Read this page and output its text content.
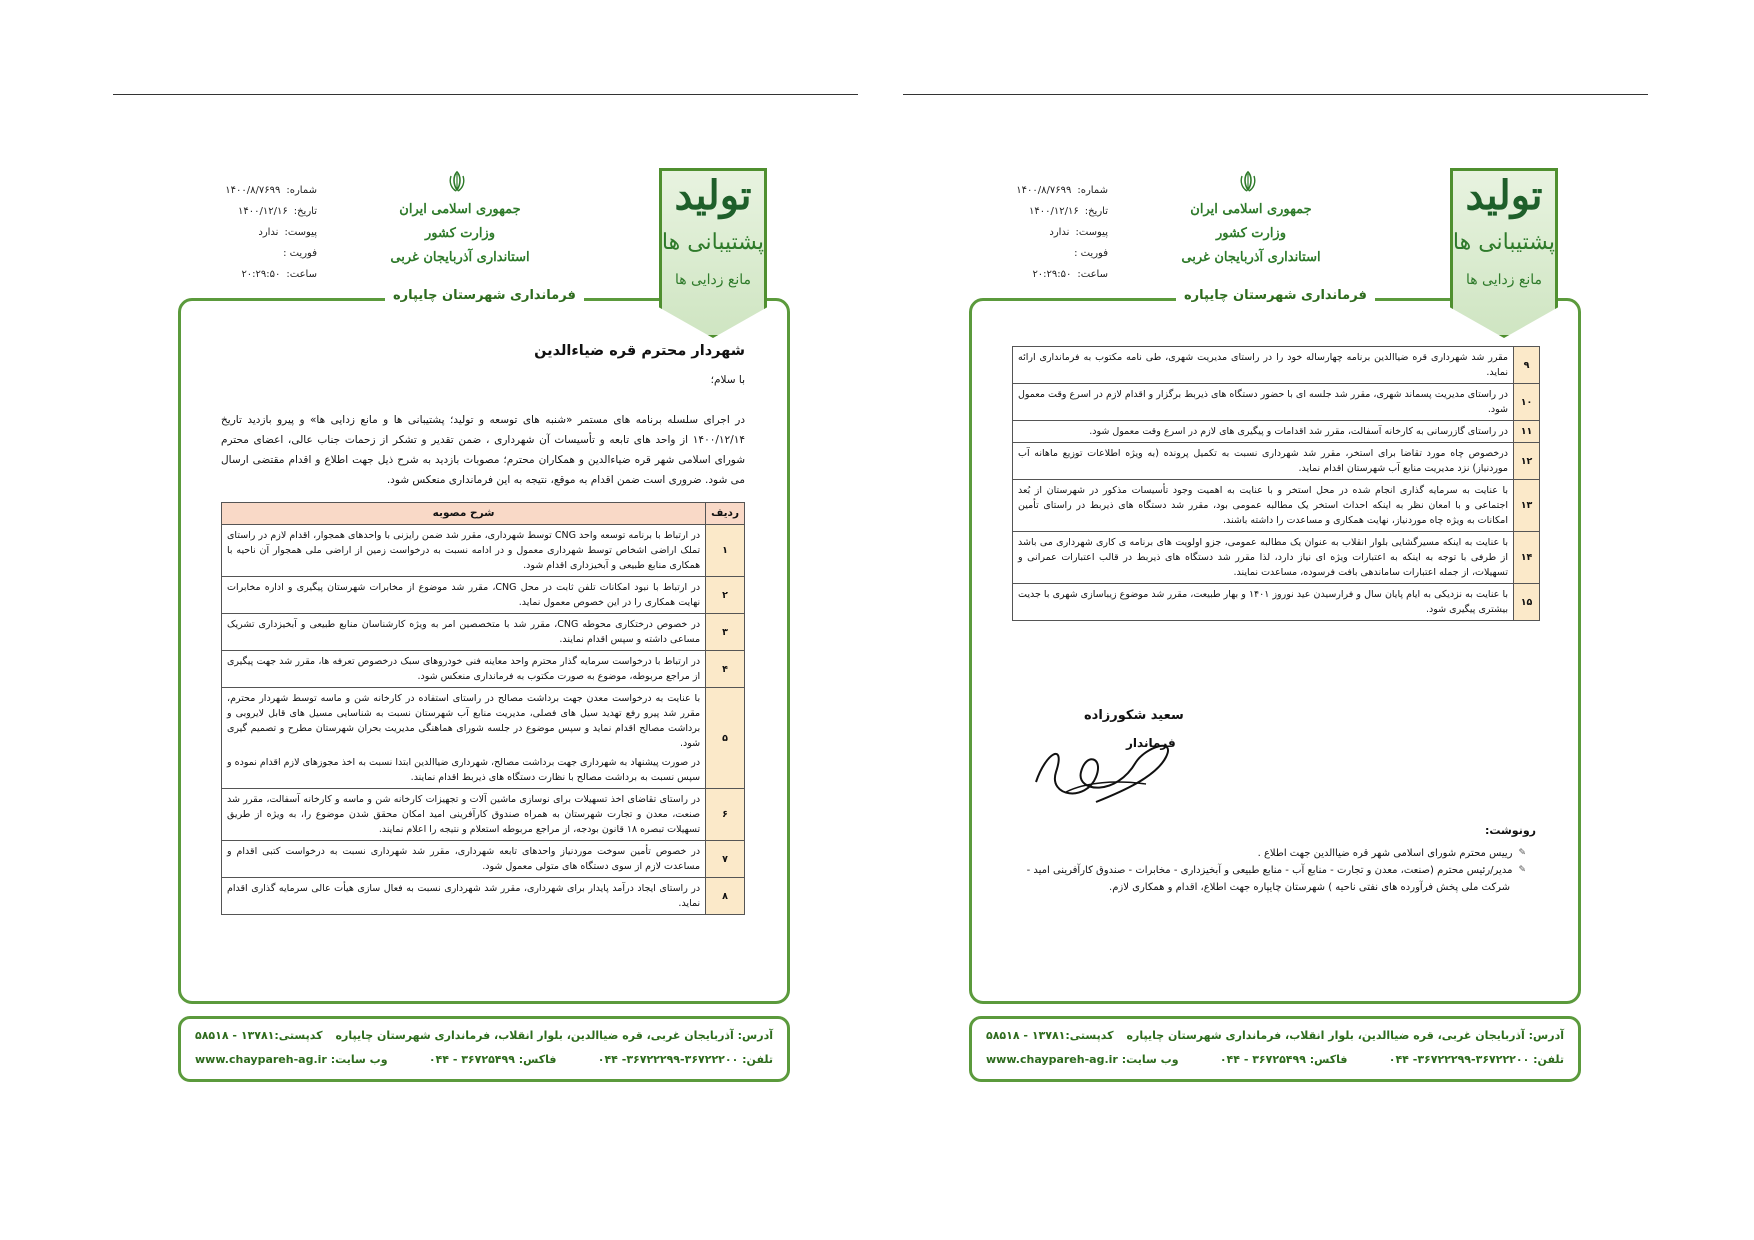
فرمانداری شهرستان چایپاره
تولید
پشتیبانی ها
مانع زدایی ها
جمهوری اسلامی ایران
وزارت کشور
استانداری آذربایجان غربی
شماره:
۱۴۰۰/۸/۷۶۹۹
تاریخ:
۱۴۰۰/۱۲/۱۶
پیوست:
ندارد
فوریت :
ساعت:
۲۰:۲۹:۵۰
شهردار محترم قره ضیاءالدین
با سلام؛
در اجرای سلسله برنامه های مستمر «شنبه های توسعه و تولید؛ پشتیبانی ها و مانع زدایی ها» و پیرو بازدید تاریخ ۱۴۰۰/۱۲/۱۴ از واحد های تابعه و تأسیسات آن شهرداری ، ضمن تقدیر و تشکر از زحمات جناب عالی، اعضای محترم شورای اسلامی شهر قره ضیاءالدین و همکاران محترم؛ مصوبات بازدید به شرح ذیل جهت اطلاع و اقدام مقتضی ارسال می شود. ضروری است ضمن اقدام به موقع، نتیجه به این فرمانداری منعکس شود.
ردیف	شرح مصوبه
۱	در ارتباط با برنامه توسعه واحد CNG توسط شهرداری، مقرر شد ضمن رایزنی با واحدهای همجوار، اقدام لازم در راستای تملک اراضی اشخاص توسط شهرداری معمول و در ادامه نسبت به درخواست زمین از اراضی ملی همجوار آن ناحیه با همکاری منابع طبیعی و آبخیزداری اقدام شود.
۲	در ارتباط با نبود امکانات تلفن ثابت در محل CNG، مقرر شد موضوع از مخابرات شهرستان پیگیری و اداره مخابرات نهایت همکاری را در این خصوص معمول نماید.
۳	در خصوص درختکاری محوطه CNG، مقرر شد با متخصصین امر به ویژه کارشناسان منابع طبیعی و آبخیزداری تشریک مساعی داشته و سپس اقدام نمایند.
۴	در ارتباط با درخواست سرمایه گذار محترم واحد معاینه فنی خودروهای سبک درخصوص تعرفه ها، مقرر شد جهت پیگیری از مراجع مربوطه، موضوع به صورت مکتوب به فرمانداری منعکس شود.
۵	با عنایت به درخواست معدن جهت برداشت مصالح در راستای استفاده در کارخانه شن و ماسه توسط شهردار محترم، مقرر شد پیرو رفع تهدید سیل های فصلی، مدیریت منابع آب شهرستان نسبت به شناسایی مسیل های قابل لایروبی و برداشت مصالح اقدام نماید و سپس موضوع در جلسه شورای هماهنگی مدیریت بحران شهرستان مطرح و تصمیم گیری شود.
در صورت پیشنهاد به شهرداری جهت برداشت مصالح، شهرداری ضیاالدین ابتدا نسبت به اخذ مجوزهای لازم اقدام نموده و سپس نسبت به برداشت مصالح با نظارت دستگاه های ذیربط اقدام نمایند.

۶	در راستای تقاضای اخذ تسهیلات برای نوسازی ماشین آلات و تجهیزات کارخانه شن و ماسه و کارخانه آسفالت، مقرر شد صنعت، معدن و تجارت شهرستان به همراه صندوق کارآفرینی امید امکان محقق شدن موضوع را، به ویژه از طریق تسهیلات تبصره ۱۸ قانون بودجه، از مراجع مربوطه استعلام و نتیجه را اعلام نمایند.
۷	در خصوص تأمین سوخت موردنیاز واحدهای تابعه شهرداری، مقرر شد شهرداری نسبت به درخواست کتبی اقدام و مساعدت لازم از سوی دستگاه های متولی معمول شود.
۸	در راستای ایجاد درآمد پایدار برای شهرداری، مقرر شد شهرداری نسبت به فعال سازی هیأت عالی سرمایه گذاری اقدام نماید.
آدرس: آذربایجان غربی، قره ضیاالدین، بلوار انقلاب، فرمانداری شهرستان چایپاره
کدپستی:۱۳۷۸۱ - ۵۸۵۱۸
تلفن: ۳۶۷۲۲۲۰۰-۳۶۷۲۲۲۹۹- ۰۴۴
فاکس: ۳۶۷۲۵۴۹۹ - ۰۴۴
وب سایت: www.chaypareh-ag.ir
فرمانداری شهرستان چایپاره
تولید
پشتیبانی ها
مانع زدایی ها
جمهوری اسلامی ایران
وزارت کشور
استانداری آذربایجان غربی
شماره:
۱۴۰۰/۸/۷۶۹۹
تاریخ:
۱۴۰۰/۱۲/۱۶
پیوست:
ندارد
فوریت :
ساعت:
۲۰:۲۹:۵۰
۹	مقرر شد شهرداری قره ضیاالدین برنامه چهارساله خود را در راستای مدیریت شهری، طی نامه مکتوب به فرمانداری ارائه نماید.
۱۰	در راستای مدیریت پسماند شهری، مقرر شد جلسه ای با حضور دستگاه های ذیربط برگزار و اقدام لازم در اسرع وقت معمول شود.
۱۱	در راستای گازرسانی به کارخانه آسفالت، مقرر شد اقدامات و پیگیری های لازم در اسرع وقت معمول شود.
۱۲	درخصوص چاه مورد تقاضا برای استخر، مقرر شد شهرداری نسبت به تکمیل پرونده (به ویژه اطلاعات توزیع ماهانه آب موردنیاز) نزد مدیریت منابع آب شهرستان اقدام نماید.
۱۳	با عنایت به سرمایه گذاری انجام شده در محل استخر و با عنایت به اهمیت وجود تأسیسات مذکور در شهرستان از بُعد اجتماعی و با امعان نظر به اینکه احداث استخر یک مطالبه عمومی بود، مقرر شد دستگاه های ذیربط در راستای تأمین امکانات به ویژه چاه موردنیاز، نهایت همکاری و مساعدت را داشته باشند.
۱۴	با عنایت به اینکه مسیرگشایی بلوار انقلاب به عنوان یک مطالبه عمومی، جزو اولویت های برنامه ی کاری شهرداری می باشد از طرفی با توجه به اینکه به اعتبارات ویژه ای نیاز دارد، لذا مقرر شد دستگاه های ذیربط در قالب اعتبارات عمرانی و تسهیلات، از جمله اعتبارات ساماندهی بافت فرسوده، مساعدت نمایند.
۱۵	با عنایت به نزدیکی به ایام پایان سال و فرارسیدن عید نوروز ۱۴۰۱ و بهار طبیعت، مقرر شد موضوع زیباسازی شهری با جدیت بیشتری پیگیری شود.
سعید شکورزاده
فرماندار
رونوشت:
✎
رییس محترم شورای اسلامی شهر قره ضیاالدین جهت اطلاع .
✎
مدیر/رئیس محترم (صنعت، معدن و تجارت - منابع آب - منابع طبیعی و آبخیزداری - مخابرات - صندوق کارآفرینی امید -
شرکت ملی پخش فرآورده های نفتی ناحیه ) شهرستان چایپاره جهت اطلاع، اقدام و همکاری لازم.
آدرس: آذربایجان غربی، قره ضیاالدین، بلوار انقلاب، فرمانداری شهرستان چایپاره
کدپستی:۱۳۷۸۱ - ۵۸۵۱۸
تلفن: ۳۶۷۲۲۲۰۰-۳۶۷۲۲۲۹۹- ۰۴۴
فاکس: ۳۶۷۲۵۴۹۹ - ۰۴۴
وب سایت: www.chaypareh-ag.ir
